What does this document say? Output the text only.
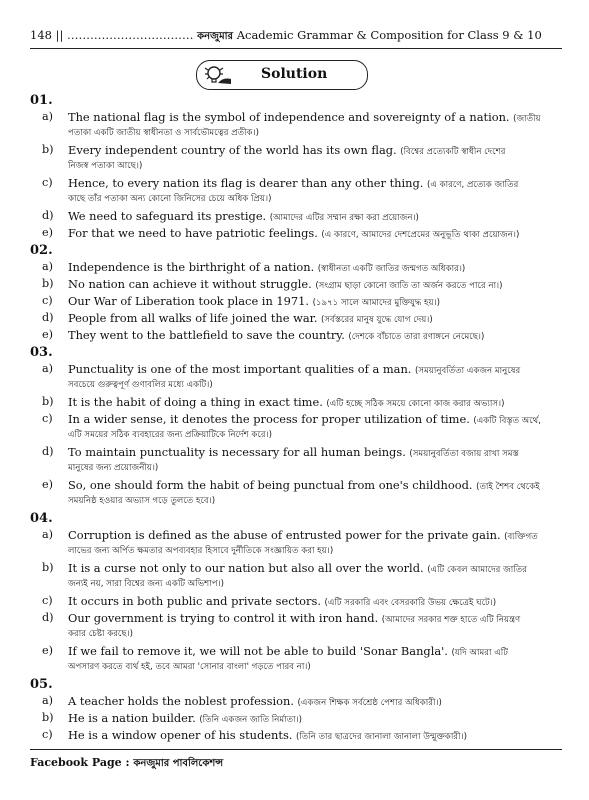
148 || …………………………… কনজুমার Academic Grammar & Composition for Class 9 & 10
Solution
01.
a)	The national flag is the symbol of independence and sovereignty of a nation. (জাতীয়
পতাকা একটি জাতীয় স্বাধীনতা ও সার্বভৌমত্বের প্রতীক।)
b)	Every independent country of the world has its own flag. (বিশ্বের প্রত্যেকটি স্বাধীন দেশের
নিজস্ব পতাকা আছে।)
c)	Hence, to every nation its flag is dearer than any other thing. (এ কারণে, প্রত্যেক জাতির
কাছে তাঁর পতাকা অন্য কোনো জিনিসের চেয়ে অধিক প্রিয়।)
d)	We need to safeguard its prestige. (আমাদের এটির সম্মান রক্ষা করা প্রয়োজন।)
e)	For that we need to have patriotic feelings. (এ কারণে, আমাদের দেশপ্রেমের অনুভূতি থাকা প্রয়োজন।)
02.
a)	Independence is the birthright of a nation. (স্বাধীনতা একটি জাতির জন্মগত অধিকার।)
b)	No nation can achieve it without struggle. (সংগ্রাম ছাড়া কোনো জাতি তা অর্জন করতে পারে না।)
c)	Our War of Liberation took place in 1971. (১৯৭১ সালে আমাদের মুক্তিযুদ্ধ হয়।)
d)	People from all walks of life joined the war. (সর্বস্তরের মানুষ যুদ্ধে যোগ দেয়।)
e)	They went to the battlefield to save the country. (দেশকে বাঁচাতে তারা রণাঙ্গনে নেমেছে।)
03.
a)	Punctuality is one of the most important qualities of a man. (সময়ানুবর্তিতা একজন মানুষের
সবচেয়ে গুরুত্বপূর্ণ গুণাবলির মধ্যে একটি।)
b)	It is the habit of doing a thing in exact time. (এটি হচ্ছে সঠিক সময়ে কোনো কাজ করার অভ্যাস।)
c)	In a wider sense, it denotes the process for proper utilization of time. (একটি বিস্তৃত অর্থে,
এটি সময়ের সঠিক ব্যবহারের জন্য প্রক্রিয়াটিকে নির্দেশ করে।)
d)	To maintain punctuality is necessary for all human beings. (সময়ানুবর্তিতা বজায় রাখা সমস্ত
মানুষের জন্য প্রয়োজনীয়।)
e)	So, one should form the habit of being punctual from one's childhood. (তাই শৈশব থেকেই
সময়নিষ্ঠ হওয়ার অভ্যাস গড়ে তুলতে হবে।)
04.
a)	Corruption is defined as the abuse of entrusted power for the private gain. (ব্যক্তিগত
লাভের জন্য অর্পিত ক্ষমতার অপব্যবহার হিসাবে দুর্নীতিকে সংজ্ঞায়িত করা হয়।)
b)	It is a curse not only to our nation but also all over the world. (এটি কেবল আমাদের জাতির
জন্যই নয়, সারা বিশ্বের জন্য একটি অভিশাপ।)
c)	It occurs in both public and private sectors. (এটি সরকারি এবং বেসরকারি উভয় ক্ষেত্রেই ঘটে।)
d)	Our government is trying to control it with iron hand. (আমাদের সরকার শক্ত হাতে এটি নিয়ন্ত্রণ
করার চেষ্টা করছে।)
e)	If we fail to remove it, we will not be able to build 'Sonar Bangla'. (যদি আমরা এটি
অপসারণ করতে ব্যর্থ হই, তবে আমরা 'সোনার বাংলা' গড়তে পারব না।)
05.
a)	A teacher holds the noblest profession. (একজন শিক্ষক সর্বশ্রেষ্ঠ পেশার অধিকারী।)
b)	He is a nation builder. (তিনি একজন জাতি নির্মাতা।)
c)	He is a window opener of his students. (তিনি তার ছাত্রদের জানালা জানালা উন্মুক্তকারী।)
Facebook Page : কনজুমার পাবলিকেশন্স
